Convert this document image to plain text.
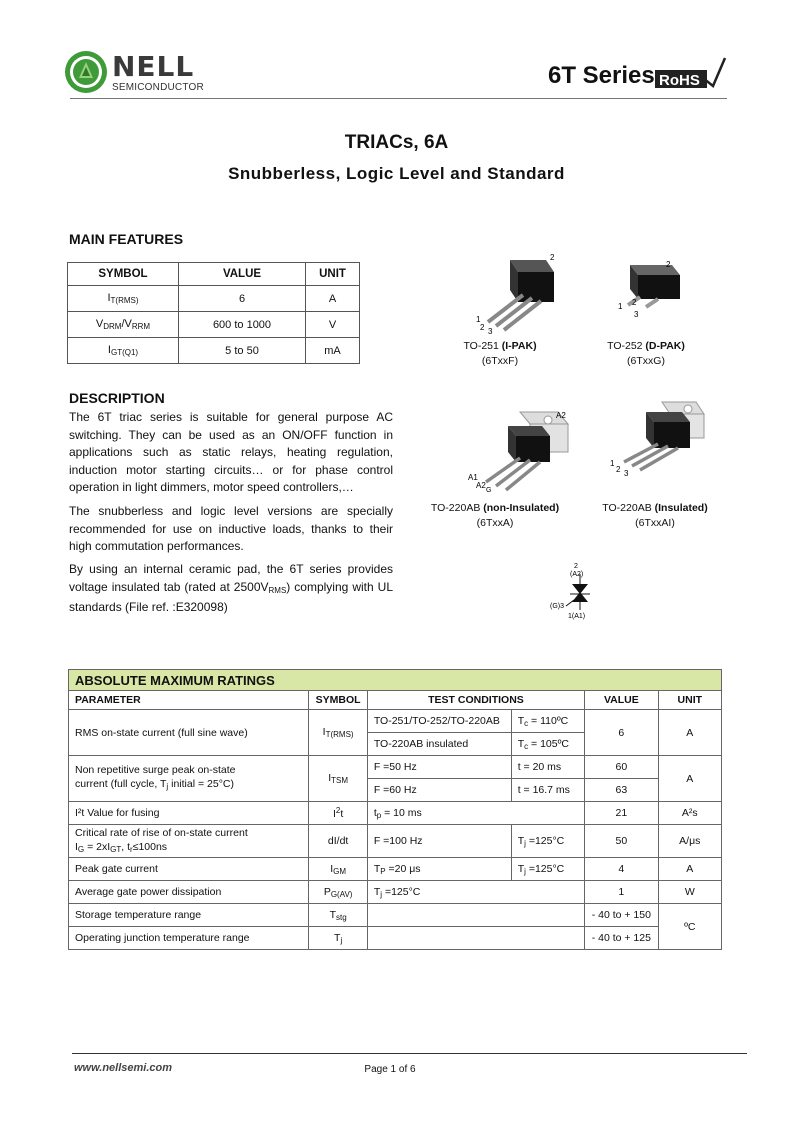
NELL
SEMICONDUCTOR	6T Series RoHS
TRIACs, 6A
Snubberless, Logic Level and Standard
MAIN FEATURES
SYMBOL	VALUE	UNIT
$I_{T(RMS)}$	6	A
$V_{DRM}/V_{RRM}$	600 to 1000	V
$I_{GT(Q1)}$	5 to 50	mA
DESCRIPTION
The 6T triac series is suitable for general purpose AC switching. They can be used as an ON/OFF function in applications such as static relays, heating regulation, induction motor starting circuits… or for phase control operation in light dimmers, motor speed controllers,…
The snubberless and logic level versions are specially recommended for use on inductive loads, thanks to their high commutation performances.
By using an internal ceramic pad, the 6T series provides voltage insulated tab (rated at $2500V_{RMS}$) complying with UL standards (File ref. :E320098)
1
2 3
2
TO-251 (I-PAK)
(6TxxF)
1 2
3
2
TO-252 (D-PAK)
(6TxxG)
A1
A2
G
A2
TO-220AB (non-Insulated)
(6TxxA)
1
2 3
TO-220AB (Insulated)
(6TxxAI)
2
(A2)
(G)3
1(A1)
ABSOLUTE MAXIMUM RATINGS					
PARAMETER	SYMBOL	TEST CONDITIONS		VALUE	UNIT
RMS on-state current (full sine wave)	$I_{T(RMS)}$	TO-251/TO-252/TO-220AB	$T_c$ = 110ºC	6	A
		TO-220AB insulated	$T_c$ = 105ºC		
Non repetitive surge peak on-state
current (full cycle, $T_j$ initial = 25°C)	$I_{TSM}$	F =50 Hz	t = 20 ms	60	A
		F =60 Hz	t = 16.7 ms	63	
I²t Value for fusing	$I^2t$	$t_p = 10$ ms		21	A²s
Critical rate of rise of on-state current
$I_G = 2xI_{GT}$, $t_r\le 100ns$	dI/dt	F =100 Hz	$T_j =125^\circ C$	50	A/μs
Peak gate current	$I_{GM}$	$T_P =20$ μs	$T_j =125^\circ C$	4	A
Average gate power dissipation	$P_{G(AV)}$	$T_j =125^\circ C$		1	W
Storage temperature range	$T_{stg}$			- 40 to + 150	ºC
Operating junction temperature range	$T_j$			- 40 to + 125	
www.nellsemi.com	Page 1 of 6
